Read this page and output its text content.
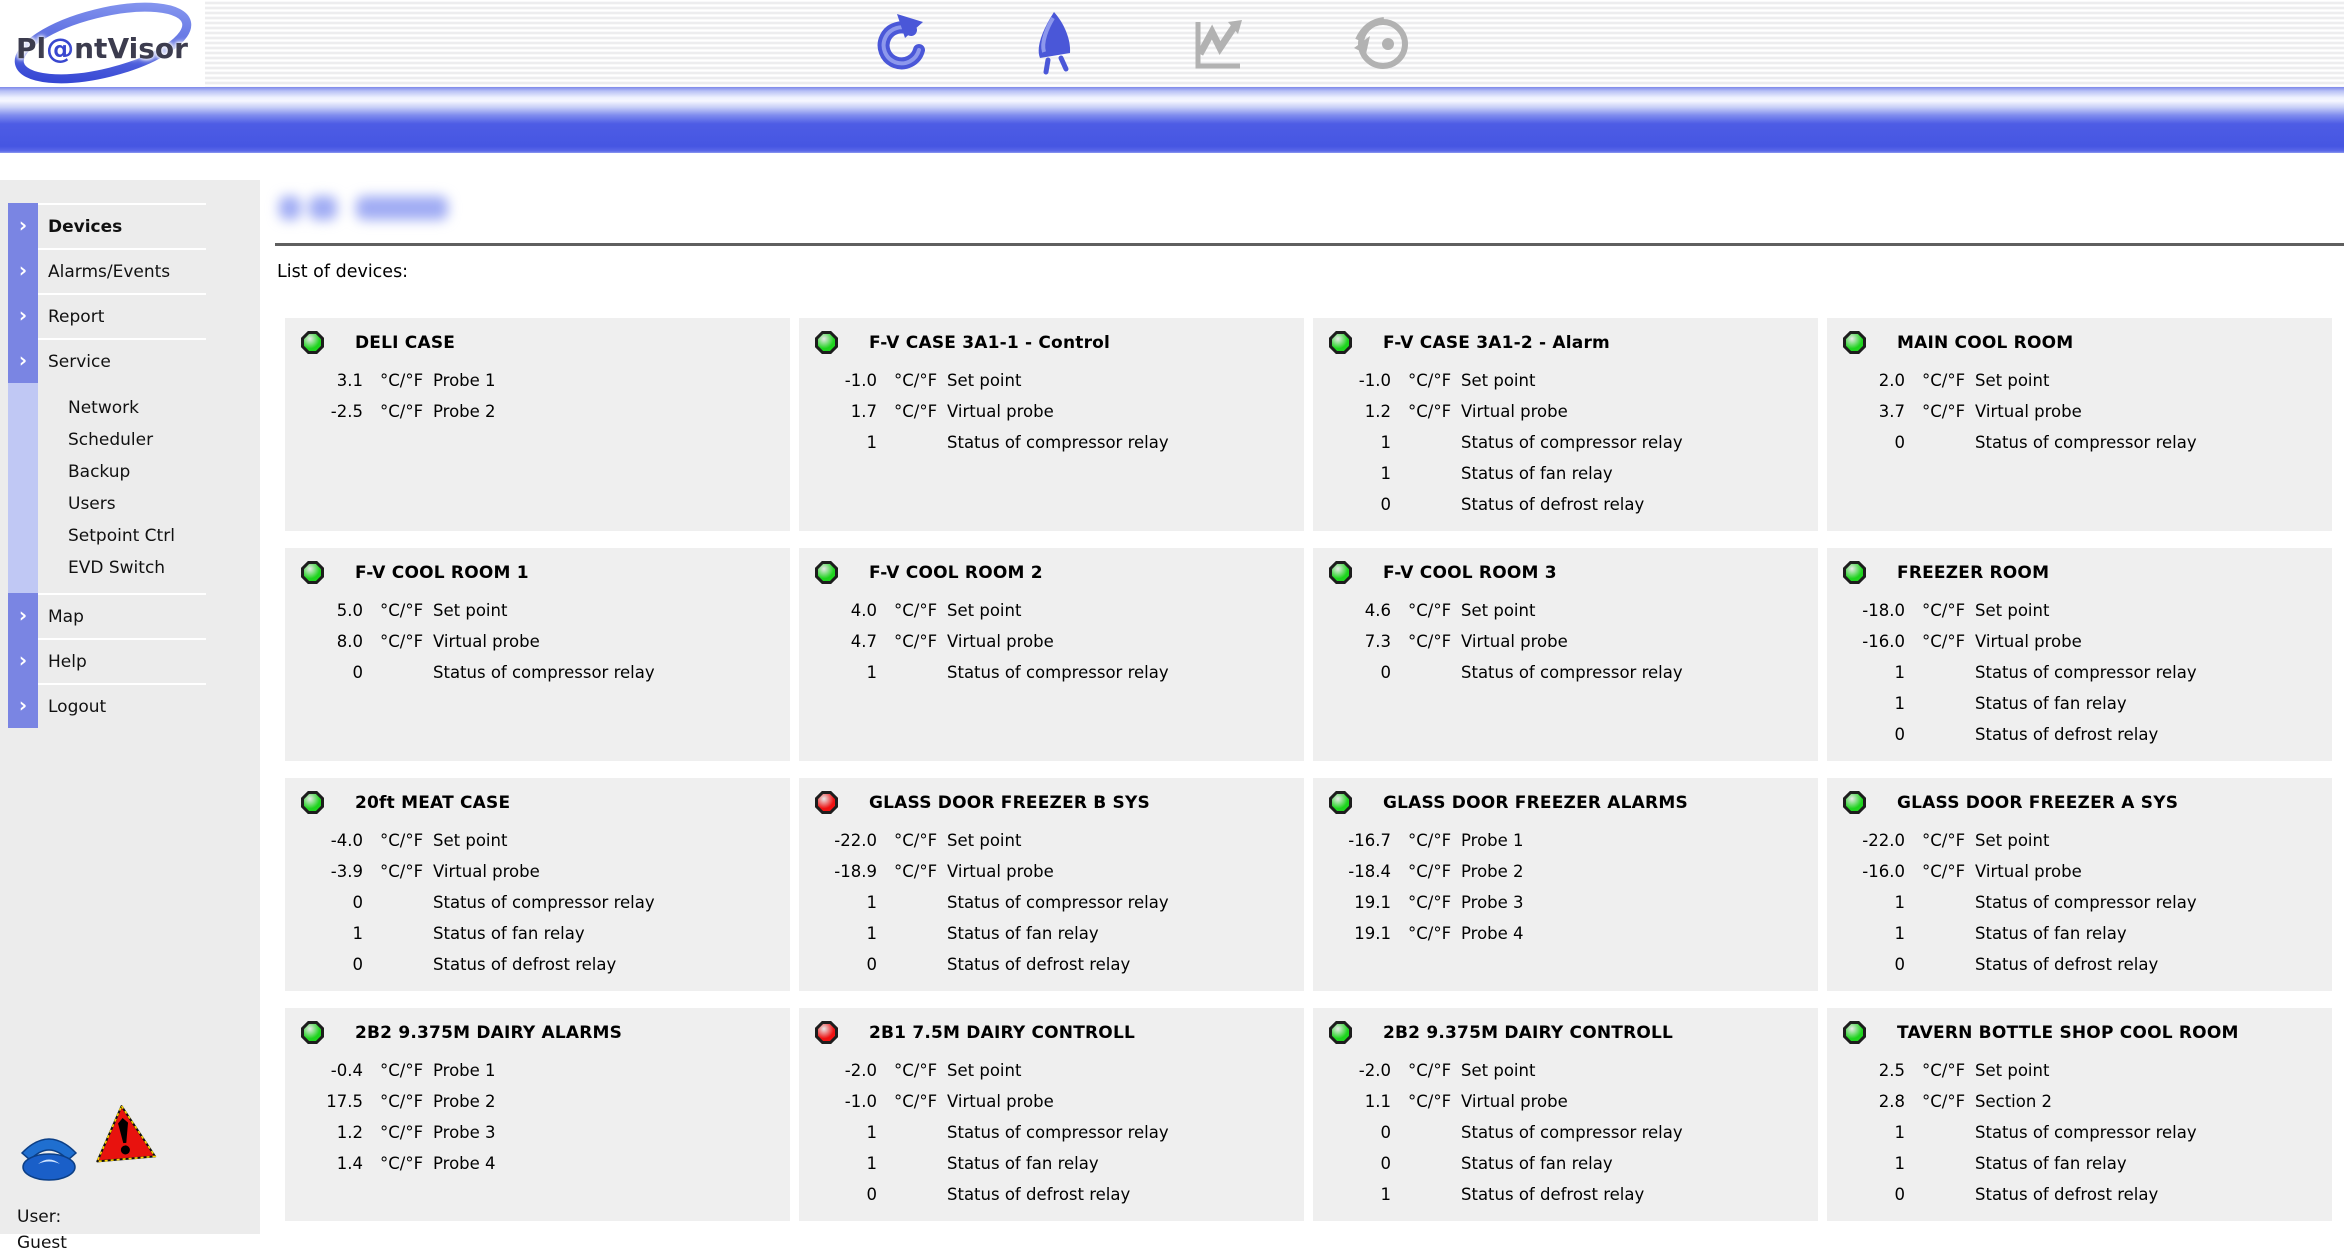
Pl@ntVisor
›	Devices
›	Alarms/Events
›	Report
›	Service
Network
Scheduler
Backup
Users
Setpoint Ctrl
EVD Switch
›	Map
›	Help
›	Logout
User:
Guest
List of devices:
DELI CASE
3.1	°C/°F Probe 1
-2.5	°C/°F Probe 2
F-V CASE 3A1-1 - Control
-1.0	°C/°F Set point
1.7	°C/°F Virtual probe
1	Status of compressor relay
F-V CASE 3A1-2 - Alarm
-1.0	°C/°F Set point
1.2	°C/°F Virtual probe
1	Status of compressor relay
1	Status of fan relay
0	Status of defrost relay
MAIN COOL ROOM
2.0	°C/°F Set point
3.7	°C/°F Virtual probe
0	Status of compressor relay
F-V COOL ROOM 1
5.0	°C/°F Set point
8.0	°C/°F Virtual probe
0	Status of compressor relay
F-V COOL ROOM 2
4.0	°C/°F Set point
4.7	°C/°F Virtual probe
1	Status of compressor relay
F-V COOL ROOM 3
4.6	°C/°F Set point
7.3	°C/°F Virtual probe
0	Status of compressor relay
FREEZER ROOM
-18.0	°C/°F Set point
-16.0	°C/°F Virtual probe
1	Status of compressor relay
1	Status of fan relay
0	Status of defrost relay
20ft MEAT CASE
-4.0	°C/°F Set point
-3.9	°C/°F Virtual probe
0	Status of compressor relay
1	Status of fan relay
0	Status of defrost relay
GLASS DOOR FREEZER B SYS
-22.0	°C/°F Set point
-18.9	°C/°F Virtual probe
1	Status of compressor relay
1	Status of fan relay
0	Status of defrost relay
GLASS DOOR FREEZER ALARMS
-16.7	°C/°F Probe 1
-18.4	°C/°F Probe 2
19.1	°C/°F Probe 3
19.1	°C/°F Probe 4
GLASS DOOR FREEZER A SYS
-22.0	°C/°F Set point
-16.0	°C/°F Virtual probe
1	Status of compressor relay
1	Status of fan relay
0	Status of defrost relay
2B2 9.375M DAIRY ALARMS
-0.4	°C/°F Probe 1
17.5	°C/°F Probe 2
1.2	°C/°F Probe 3
1.4	°C/°F Probe 4
2B1 7.5M DAIRY CONTROLL
-2.0	°C/°F Set point
-1.0	°C/°F Virtual probe
1	Status of compressor relay
1	Status of fan relay
0	Status of defrost relay
2B2 9.375M DAIRY CONTROLL
-2.0	°C/°F Set point
1.1	°C/°F Virtual probe
0	Status of compressor relay
0	Status of fan relay
1	Status of defrost relay
TAVERN BOTTLE SHOP COOL ROOM
2.5	°C/°F Set point
2.8	°C/°F Section 2
1	Status of compressor relay
1	Status of fan relay
0	Status of defrost relay
